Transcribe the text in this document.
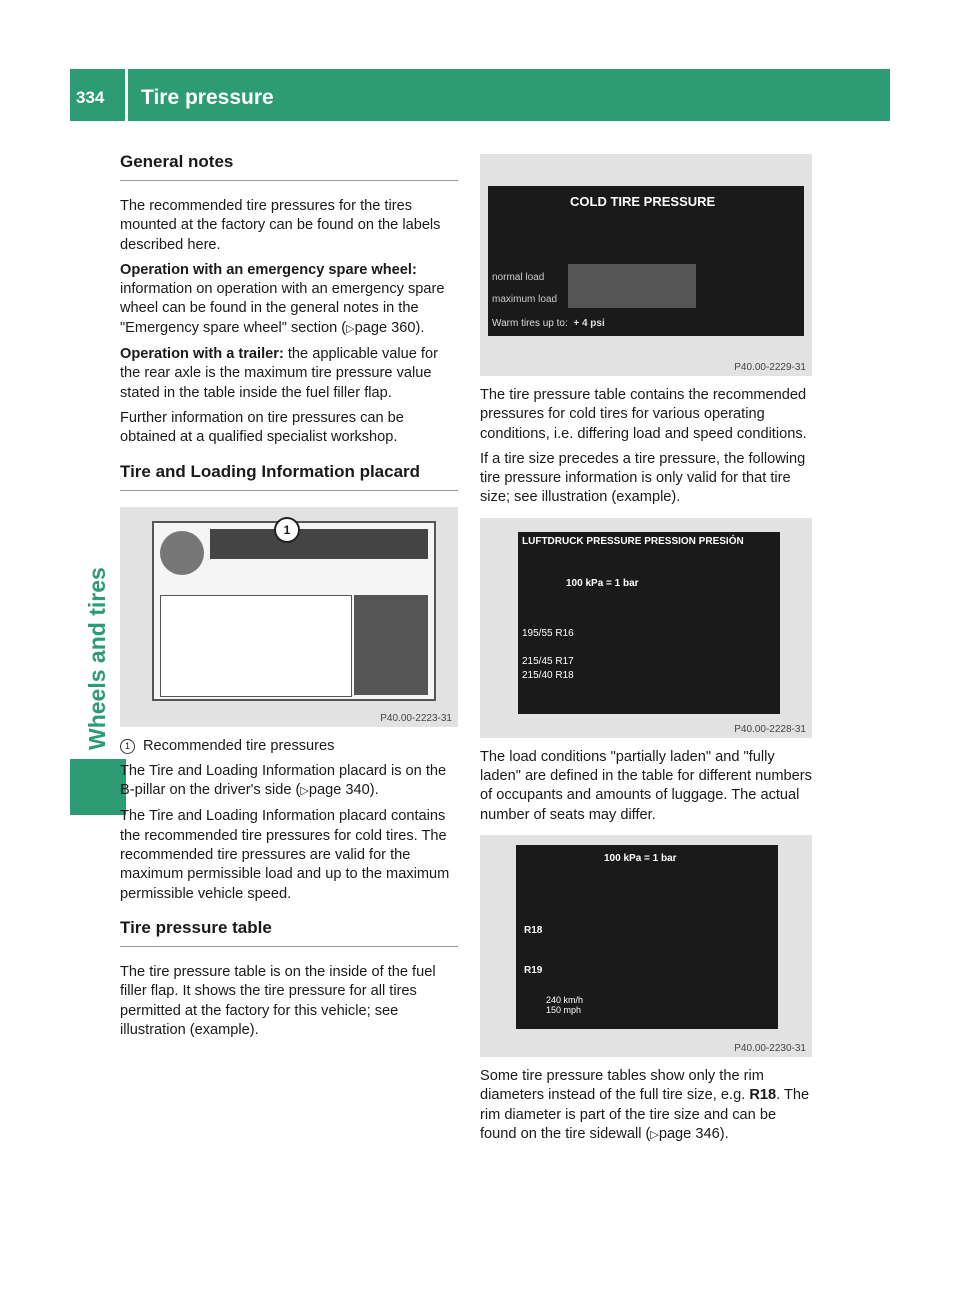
334	Tire pressure
Wheels and tires
General notes

The recommended tire pressures for the tires mounted at the factory can be found on the labels described here.

Operation with an emergency spare wheel: information on operation with an emergency spare wheel can be found in the general notes in the "Emergency spare wheel" section (▷page 360).

Operation with a trailer: the applicable value for the rear axle is the maximum tire pressure value stated in the table inside the fuel filler flap.

Further information on tire pressures can be obtained at a qualified specialist workshop.

Tire and Loading Information placard
1
P40.00-2223-31

1 Recommended tire pressures

The Tire and Loading Information placard is on the B-pillar on the driver's side (▷page 340).

The Tire and Loading Information placard contains the recommended tire pressures for cold tires. The recommended tire pressures are valid for the maximum permissible load and up to the maximum permissible vehicle speed.

Tire pressure table

The tire pressure table is on the inside of the fuel filler flap. It shows the tire pressure for all tires permitted at the factory for this vehicle; see illustration (example).

COLD TIRE PRESSURE
normal load
maximum load
Warm tires up to: + 4 psi
P40.00-2229-31

The tire pressure table contains the recommended pressures for cold tires for various operating conditions, i.e. differing load and speed conditions.

If a tire size precedes a tire pressure, the following tire pressure information is only valid for that tire size; see illustration (example).

LUFTDRUCK PRESSURE PRESSION PRESIÓN
100 kPa = 1 bar
195/55 R16
215/45 R17
215/40 R18
P40.00-2228-31

The load conditions "partially laden" and "fully laden" are defined in the table for different numbers of occupants and amounts of luggage. The actual number of seats may differ.

100 kPa = 1 bar
R18
R19
240 km/h 150 mph
P40.00-2230-31

Some tire pressure tables show only the rim diameters instead of the full tire size, e.g. R18. The rim diameter is part of the tire size and can be found on the tire sidewall (▷page 346).
